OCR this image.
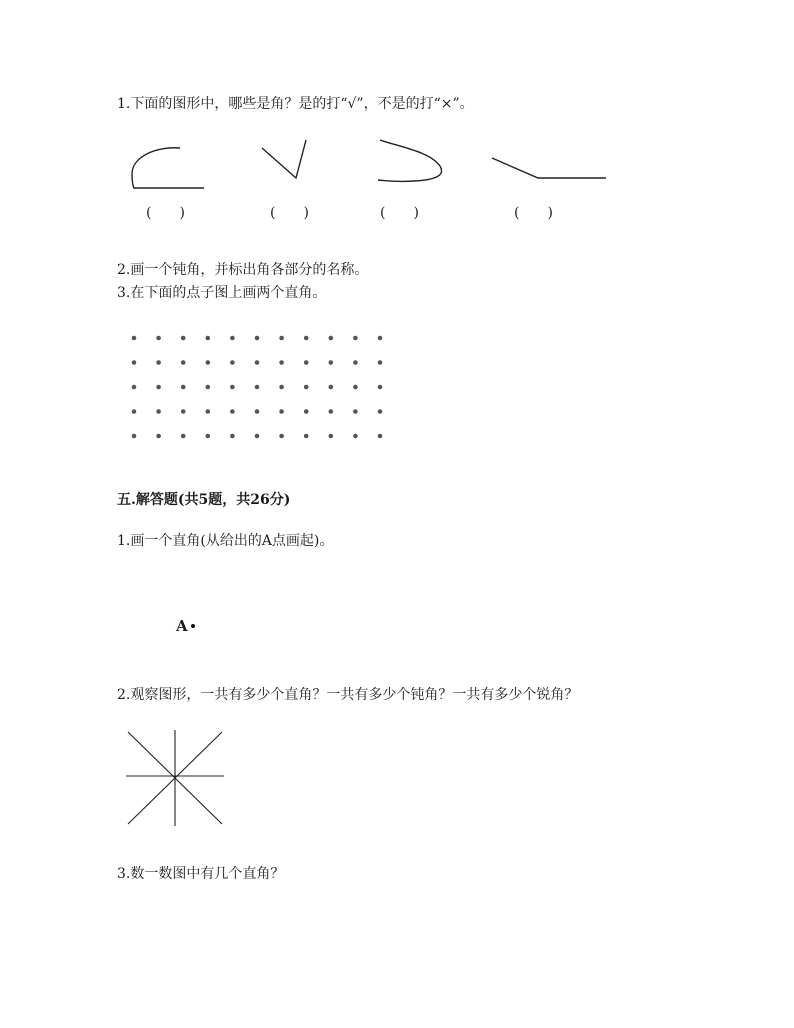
1.下面的图形中，哪些是角？是的打“√”，不是的打“×”。
(　　)	(　　)	(　　)	(　　)
2.画一个钝角，并标出角各部分的名称。
3.在下面的点子图上画两个直角。
五.解答题(共5题，共26分)
1.画一个直角(从给出的A点画起)。
A
2.观察图形，一共有多少个直角？一共有多少个钝角？一共有多少个锐角？
3.数一数图中有几个直角？
